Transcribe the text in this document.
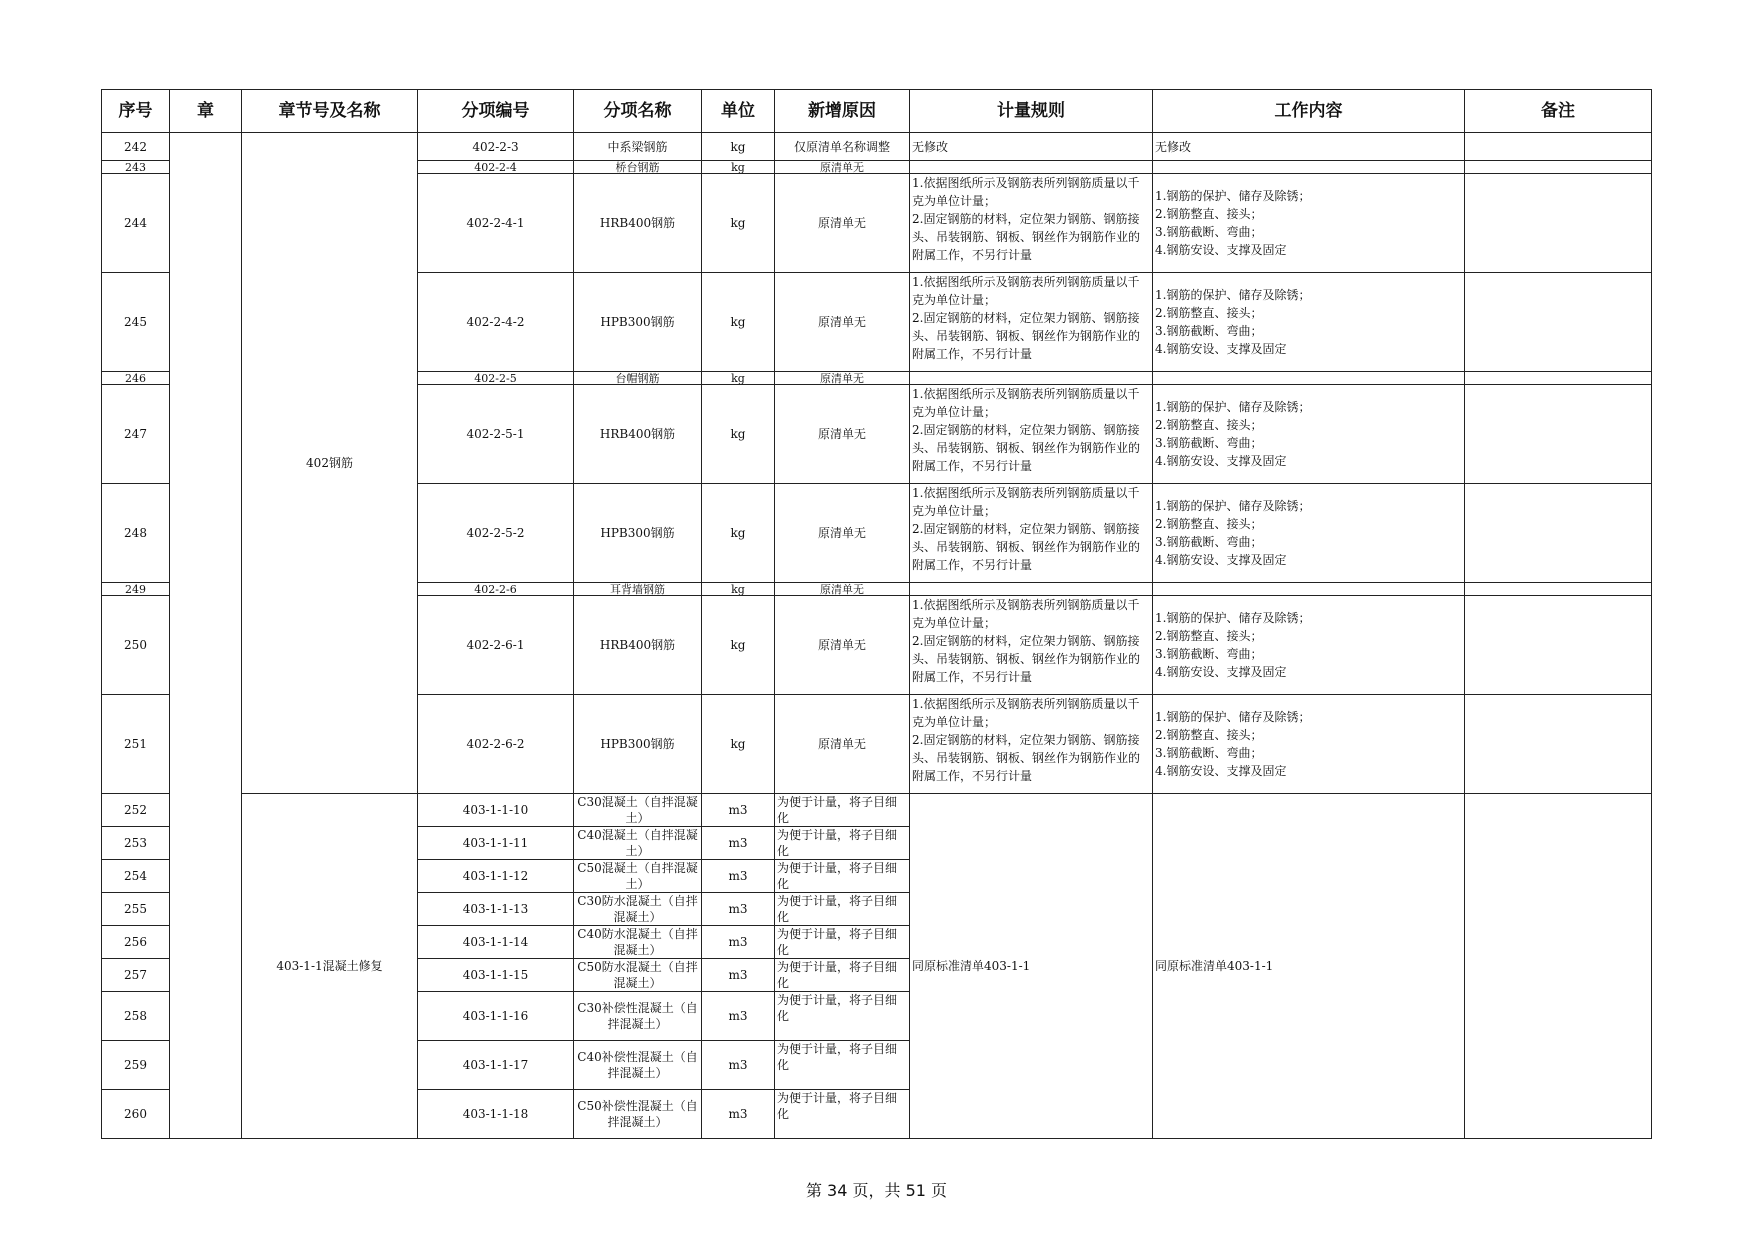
序号	章	章节号及名称	分项编号	分项名称	单位	新增原因	计量规则	工作内容	备注
242		402钢筋	402-2-3	中系梁钢筋	kg	仅原清单名称调整	无修改	无修改	
243			402-2-4	桥台钢筋	kg	原清单无			
244			402-2-4-1	HRB400钢筋	kg	原清单无	1.依据图纸所示及钢筋表所列钢筋质量以千克为单位计量；
2.固定钢筋的材料，定位架力钢筋、钢筋接头、吊装钢筋、钢板、钢丝作为钢筋作业的附属工作，不另行计量	1.钢筋的保护、储存及除锈；
2.钢筋整直、接头；
3.钢筋截断、弯曲；
4.钢筋安设、支撑及固定	
245			402-2-4-2	HPB300钢筋	kg	原清单无	1.依据图纸所示及钢筋表所列钢筋质量以千克为单位计量；
2.固定钢筋的材料，定位架力钢筋、钢筋接头、吊装钢筋、钢板、钢丝作为钢筋作业的附属工作，不另行计量	1.钢筋的保护、储存及除锈；
2.钢筋整直、接头；
3.钢筋截断、弯曲；
4.钢筋安设、支撑及固定	
246			402-2-5	台帽钢筋	kg	原清单无			
247			402-2-5-1	HRB400钢筋	kg	原清单无	1.依据图纸所示及钢筋表所列钢筋质量以千克为单位计量；
2.固定钢筋的材料，定位架力钢筋、钢筋接头、吊装钢筋、钢板、钢丝作为钢筋作业的附属工作，不另行计量	1.钢筋的保护、储存及除锈；
2.钢筋整直、接头；
3.钢筋截断、弯曲；
4.钢筋安设、支撑及固定	
248			402-2-5-2	HPB300钢筋	kg	原清单无	1.依据图纸所示及钢筋表所列钢筋质量以千克为单位计量；
2.固定钢筋的材料，定位架力钢筋、钢筋接头、吊装钢筋、钢板、钢丝作为钢筋作业的附属工作，不另行计量	1.钢筋的保护、储存及除锈；
2.钢筋整直、接头；
3.钢筋截断、弯曲；
4.钢筋安设、支撑及固定	
249			402-2-6	耳背墙钢筋	kg	原清单无			
250			402-2-6-1	HRB400钢筋	kg	原清单无	1.依据图纸所示及钢筋表所列钢筋质量以千克为单位计量；
2.固定钢筋的材料，定位架力钢筋、钢筋接头、吊装钢筋、钢板、钢丝作为钢筋作业的附属工作，不另行计量	1.钢筋的保护、储存及除锈；
2.钢筋整直、接头；
3.钢筋截断、弯曲；
4.钢筋安设、支撑及固定	
251			402-2-6-2	HPB300钢筋	kg	原清单无	1.依据图纸所示及钢筋表所列钢筋质量以千克为单位计量；
2.固定钢筋的材料，定位架力钢筋、钢筋接头、吊装钢筋、钢板、钢丝作为钢筋作业的附属工作，不另行计量	1.钢筋的保护、储存及除锈；
2.钢筋整直、接头；
3.钢筋截断、弯曲；
4.钢筋安设、支撑及固定	
252		403-1-1混凝土修复	403-1-1-10	C30混凝土（自拌混凝土）	m3	为便于计量，将子目细化	同原标准清单403-1-1	同原标准清单403-1-1	
253			403-1-1-11	C40混凝土（自拌混凝土）	m3	为便于计量，将子目细化			
254			403-1-1-12	C50混凝土（自拌混凝土）	m3	为便于计量，将子目细化			
255			403-1-1-13	C30防水混凝土（自拌混凝土）	m3	为便于计量，将子目细化			
256			403-1-1-14	C40防水混凝土（自拌混凝土）	m3	为便于计量，将子目细化			
257			403-1-1-15	C50防水混凝土（自拌混凝土）	m3	为便于计量，将子目细化			
258			403-1-1-16	C30补偿性混凝土（自拌混凝土）	m3	为便于计量，将子目细化			
259			403-1-1-17	C40补偿性混凝土（自拌混凝土）	m3	为便于计量，将子目细化			
260			403-1-1-18	C50补偿性混凝土（自拌混凝土）	m3	为便于计量，将子目细化			
第 34 页，共 51 页
